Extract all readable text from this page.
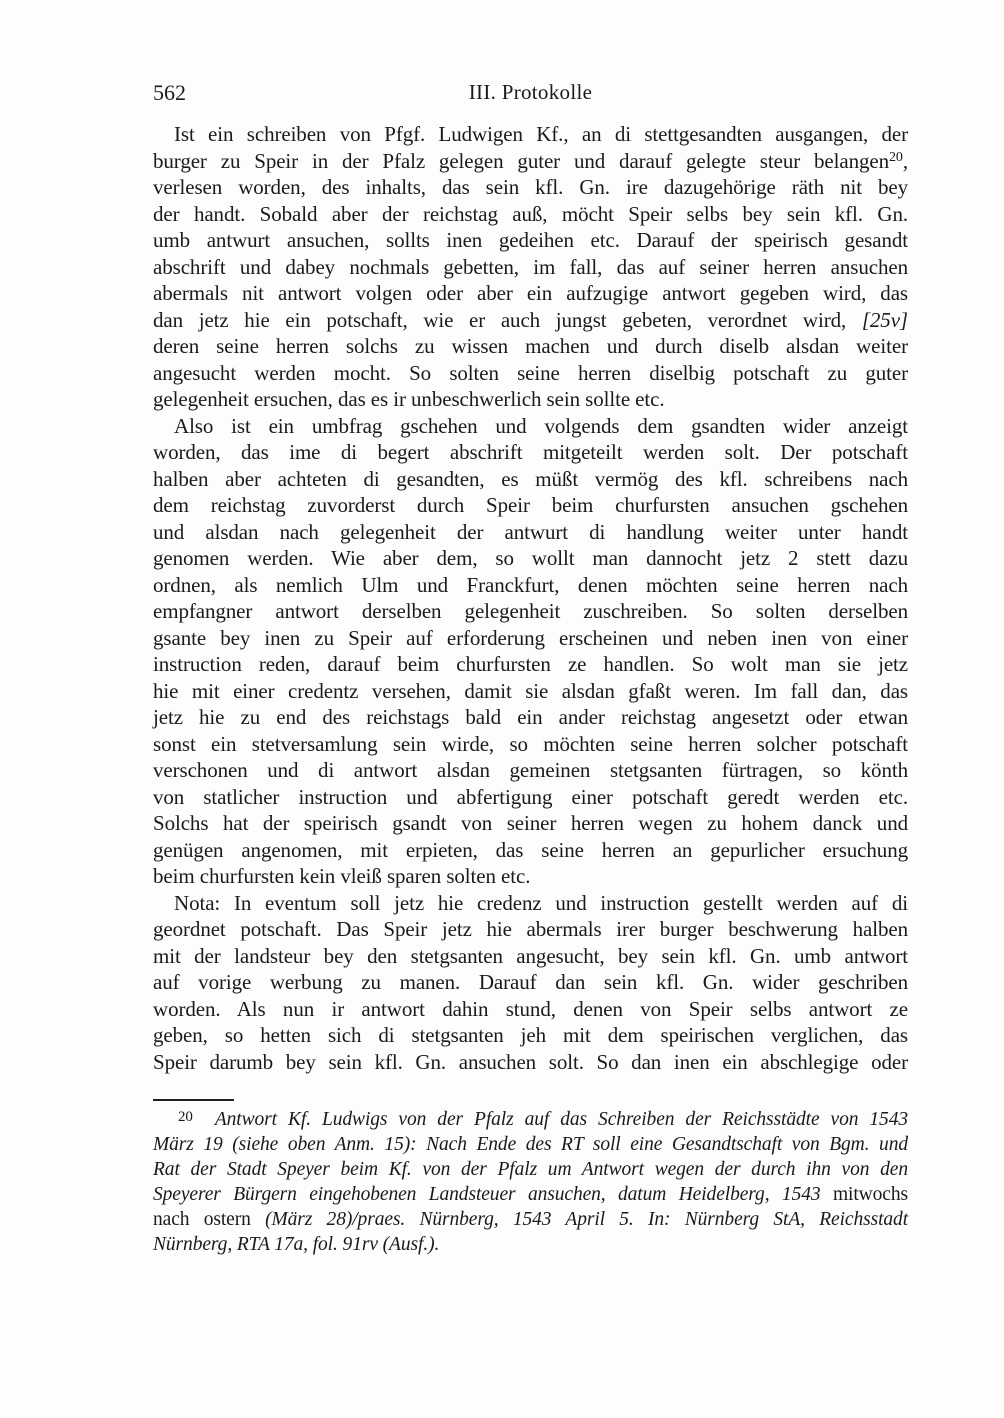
562	III. Protokolle
Ist ein schreiben von Pfgf. Ludwigen Kf., an di stettgesandten ausgangen, der
burger zu Speir in der Pfalz gelegen guter und darauf gelegte steur belangen$^{20}$,
verlesen worden, des inhalts, das sein kfl. Gn. ire dazugehörige räth nit bey
der handt. Sobald aber der reichstag auß, möcht Speir selbs bey sein kfl. Gn.
umb antwurt ansuchen, sollts inen gedeihen etc. Darauf der speirisch gesandt
abschrift und dabey nochmals gebetten, im fall, das auf seiner herren ansuchen
abermals nit antwort volgen oder aber ein aufzugige antwort gegeben wird, das
dan jetz hie ein potschaft, wie er auch jungst gebeten, verordnet wird, [25v]
deren seine herren solchs zu wissen machen und durch diselb alsdan weiter
angesucht werden mocht. So solten seine herren diselbig potschaft zu guter
gelegenheit ersuchen, das es ir unbeschwerlich sein sollte etc.
Also ist ein umbfrag gschehen und volgends dem gsandten wider anzeigt
worden, das ime di begert abschrift mitgeteilt werden solt. Der potschaft
halben aber achteten di gesandten, es müßt vermög des kfl. schreibens nach
dem reichstag zuvorderst durch Speir beim churfursten ansuchen gschehen
und alsdan nach gelegenheit der antwurt di handlung weiter unter handt
genomen werden. Wie aber dem, so wollt man dannocht jetz 2 stett dazu
ordnen, als nemlich Ulm und Franckfurt, denen möchten seine herren nach
empfangner antwort derselben gelegenheit zuschreiben. So solten derselben
gsante bey inen zu Speir auf erforderung erscheinen und neben inen von einer
instruction reden, darauf beim churfursten ze handlen. So wolt man sie jetz
hie mit einer credentz versehen, damit sie alsdan gfaßt weren. Im fall dan, das
jetz hie zu end des reichstags bald ein ander reichstag angesetzt oder etwan
sonst ein stetversamlung sein wirde, so möchten seine herren solcher potschaft
verschonen und di antwort alsdan gemeinen stetgsanten fürtragen, so könth
von statlicher instruction und abfertigung einer potschaft geredt werden etc.
Solchs hat der speirisch gsandt von seiner herren wegen zu hohem danck und
genügen angenomen, mit erpieten, das seine herren an gepurlicher ersuchung
beim churfursten kein vleiß sparen solten etc.
Nota: In eventum soll jetz hie credenz und instruction gestellt werden auf di
geordnet potschaft. Das Speir jetz hie abermals irer burger beschwerung halben
mit der landsteur bey den stetgsanten angesucht, bey sein kfl. Gn. umb antwort
auf vorige werbung zu manen. Darauf dan sein kfl. Gn. wider geschriben
worden. Als nun ir antwort dahin stund, denen von Speir selbs antwort ze
geben, so hetten sich di stetgsanten jeh mit dem speirischen verglichen, das
Speir darumb bey sein kfl. Gn. ansuchen solt. So dan inen ein abschlegige oder
$^{20}$ Antwort Kf. Ludwigs von der Pfalz auf das Schreiben der Reichsstädte von 1543
März 19 (siehe oben Anm. 15): Nach Ende des RT soll eine Gesandtschaft von Bgm. und
Rat der Stadt Speyer beim Kf. von der Pfalz um Antwort wegen der durch ihn von den
Speyerer Bürgern eingehobenen Landsteuer ansuchen, datum Heidelberg, 1543 mitwochs
nach ostern (März 28)/praes. Nürnberg, 1543 April 5. In: Nürnberg StA, Reichsstadt
Nürnberg, RTA 17a, fol. 91rv (Ausf.).
